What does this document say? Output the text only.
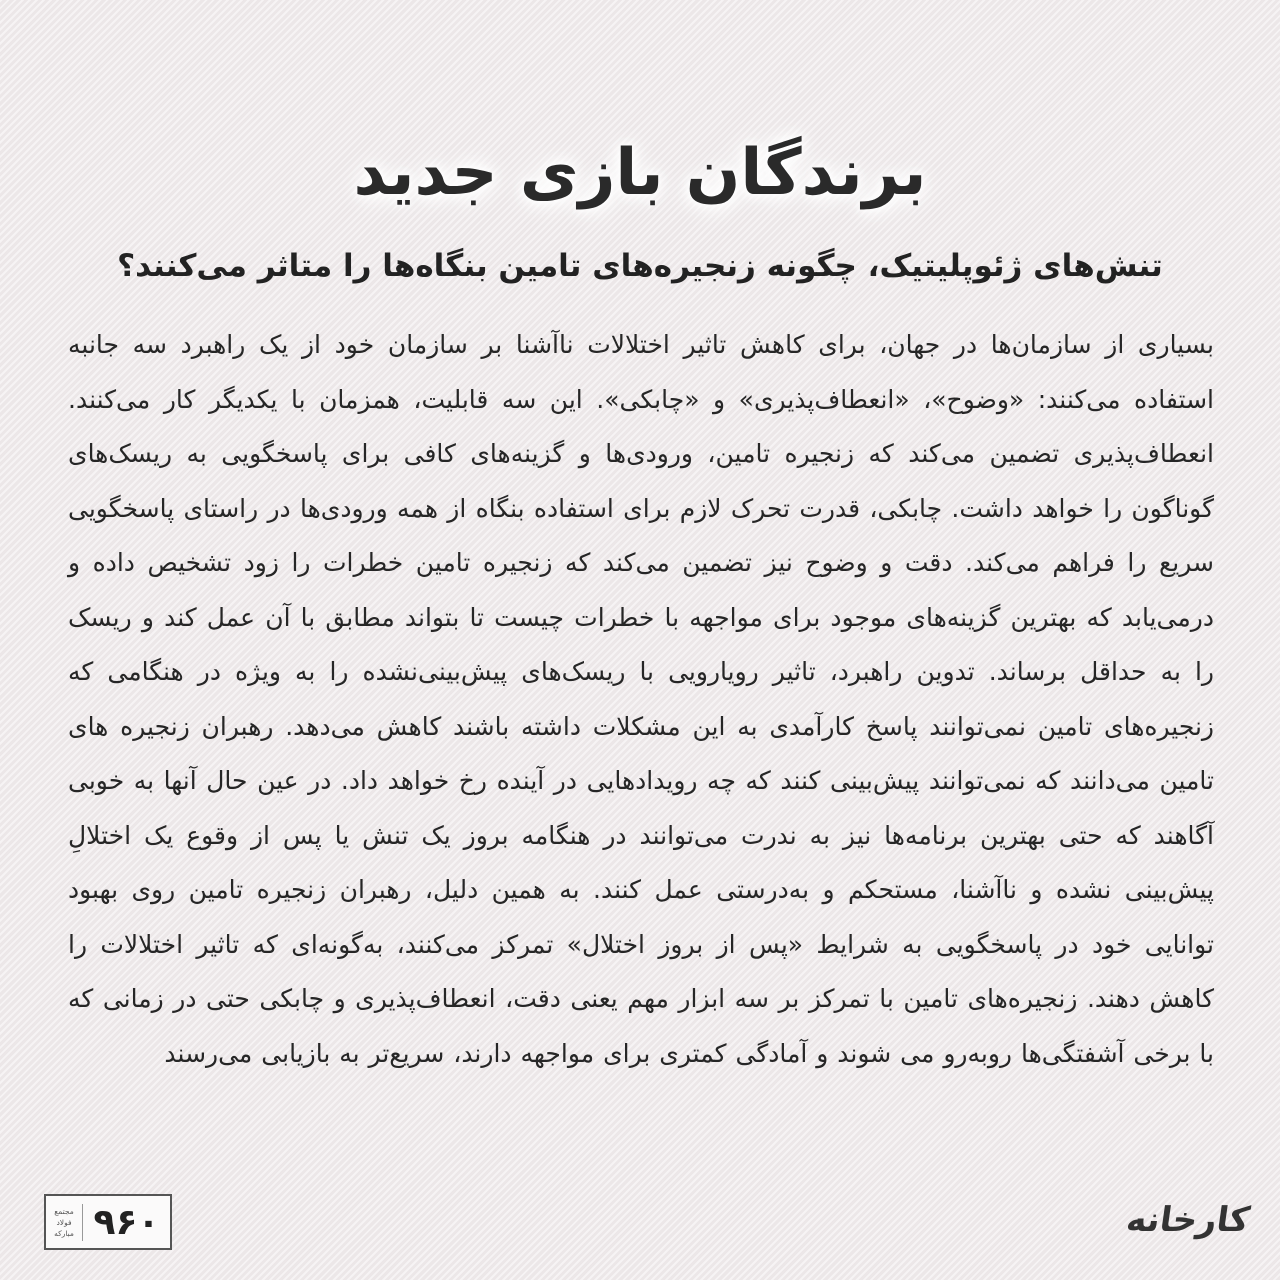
برندگان بازی جدید
تنش‌های ژئوپلیتیک، چگونه زنجیره‌های تامین بنگاه‌ها را متاثر می‌کنند؟
بسیاری از سازمان‌ها در جهان، برای کاهش تاثیر اختلالات ناآشنا بر سازمان خود از یک راهبرد سه جانبه استفاده می‌کنند: «وضوح»، «انعطاف‌پذیری» و «چابکی». این سه قابلیت، همزمان با یکدیگر کار می‌کنند. انعطاف‌پذیری تضمین می‌کند که زنجیره تامین، ورودی‌ها و گزینه‌های کافی برای پاسخگویی به ریسک‌های گوناگون را خواهد داشت. چابکی، قدرت تحرک لازم برای استفاده بنگاه از همه ورودی‌ها در راستای پاسخگویی سریع را فراهم می‌کند. دقت و وضوح نیز تضمین می‌کند که زنجیره تامین خطرات را زود تشخیص داده و درمی‌یابد که بهترین گزینه‌های موجود برای مواجهه با خطرات چیست تا بتواند مطابق با آن عمل کند و ریسک را به حداقل برساند. تدوین راهبرد، تاثیر رویارویی با ریسک‌های پیش‌بینی‌نشده را به ویژه در هنگامی که زنجیره‌های تامین نمی‌توانند پاسخ کارآمدی به این مشکلات داشته باشند کاهش می‌دهد. رهبران زنجیره های تامین می‌دانند که نمی‌توانند پیش‌بینی کنند که چه رویدادهایی در آینده رخ خواهد داد. در عین حال آنها به خوبی آگاهند که حتی بهترین برنامه‌ها نیز به ندرت می‌توانند در هنگامه بروز یک تنش یا پس از وقوع یک اختلالِ پیش‌بینی نشده و ناآشنا، مستحکم و به‌درستی عمل کنند. به همین دلیل، رهبران زنجیره تامین روی بهبود توانایی خود در پاسخگویی به شرایط «پس از بروز اختلال» تمرکز می‌کنند، به‌گونه‌ای که تاثیر اختلالات را کاهش دهند. زنجیره‌های تامین با تمرکز بر سه ابزار مهم یعنی دقت، انعطاف‌پذیری و چابکی حتی در زمانی که با برخی آشفتگی‌ها روبه‌رو می شوند و آمادگی کمتری برای مواجهه دارند، سریع‌تر به بازیابی می‌رسند
مجتمع فولاد مبارکه ۹۶۰	کارخانه
